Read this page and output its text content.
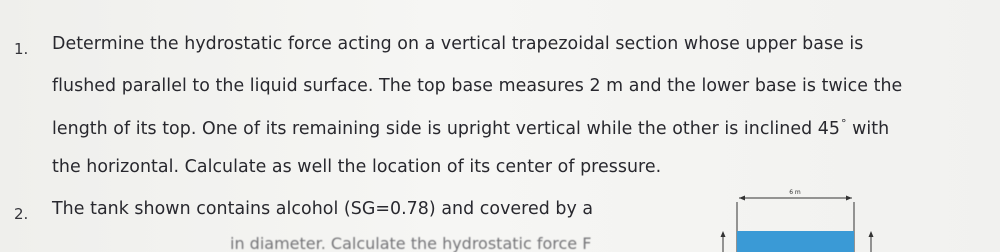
1. Determine the hydrostatic force acting on a vertical trapezoidal section whose upper base is
flushed parallel to the liquid surface. The top base measures 2 m and the lower base is twice the
length of its top. One of its remaining side is upright vertical while the other is inclined 45° with
the horizontal. Calculate as well the location of its center of pressure.
2. The tank shown contains alcohol (SG=0.78) and covered by a
in diameter. Calculate the hydrostatic force F
6 m
